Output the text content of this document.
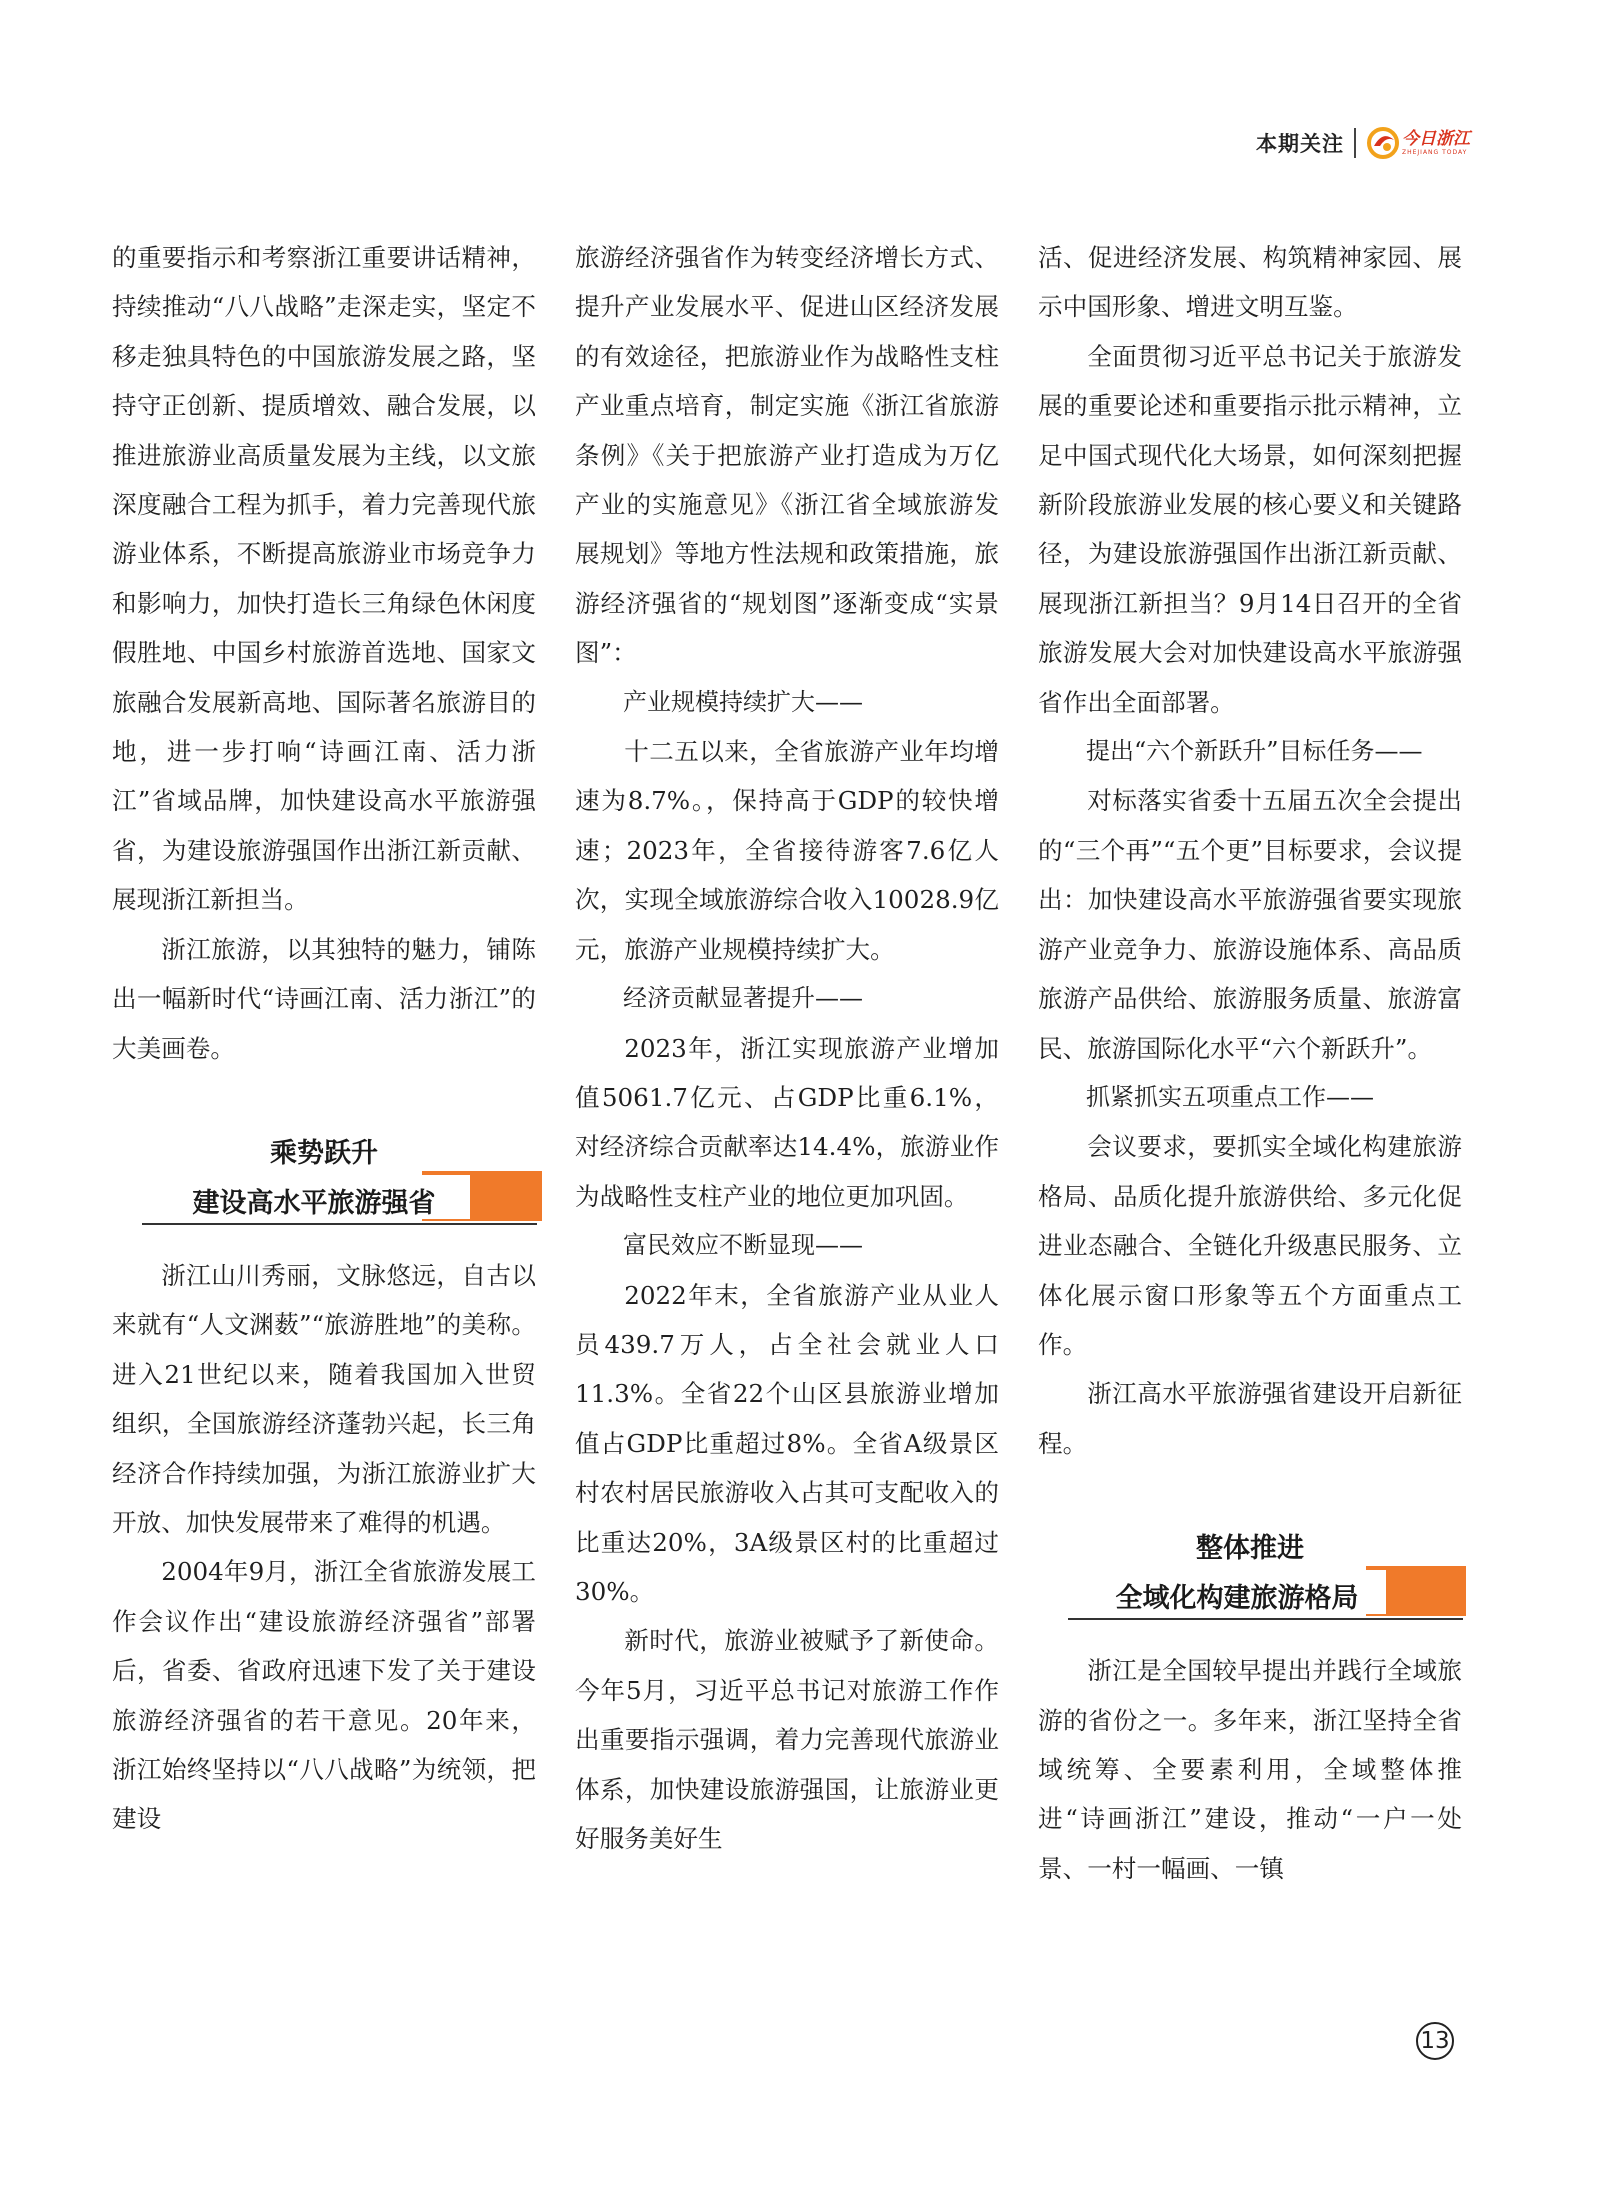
本期关注	今日浙江
ZHEJIANG TODAY

的重要指示和考察浙江重要讲话精神，持续推动“八八战略”走深走实，坚定不移走独具特色的中国旅游发展之路，坚持守正创新、提质增效、融合发展，以推进旅游业高质量发展为主线，以文旅深度融合工程为抓手，着力完善现代旅游业体系，不断提高旅游业市场竞争力和影响力，加快打造长三角绿色休闲度假胜地、中国乡村旅游首选地、国家文旅融合发展新高地、国际著名旅游目的地，进一步打响“诗画江南、活力浙江”省域品牌，加快建设高水平旅游强省，为建设旅游强国作出浙江新贡献、展现浙江新担当。

浙江旅游，以其独特的魅力，铺陈出一幅新时代“诗画江南、活力浙江”的大美画卷。

乘势跃升
建设高水平旅游强省

浙江山川秀丽，文脉悠远，自古以来就有“人文渊薮”“旅游胜地”的美称。进入21世纪以来，随着我国加入世贸组织，全国旅游经济蓬勃兴起，长三角经济合作持续加强，为浙江旅游业扩大开放、加快发展带来了难得的机遇。

2004年9月，浙江全省旅游发展工作会议作出“建设旅游经济强省”部署后，省委、省政府迅速下发了关于建设旅游经济强省的若干意见。20年来，浙江始终坚持以“八八战略”为统领，把建设

旅游经济强省作为转变经济增长方式、提升产业发展水平、促进山区经济发展的有效途径，把旅游业作为战略性支柱产业重点培育，制定实施《浙江省旅游条例》《关于把旅游产业打造成为万亿产业的实施意见》《浙江省全域旅游发展规划》等地方性法规和政策措施，旅游经济强省的“规划图”逐渐变成“实景图”：

产业规模持续扩大——

十二五以来，全省旅游产业年均增速为8.7%。，保持高于GDP的较快增速；2023年，全省接待游客7.6亿人次，实现全域旅游综合收入10028.9亿元，旅游产业规模持续扩大。

经济贡献显著提升——

2023年，浙江实现旅游产业增加值5061.7亿元、占GDP比重6.1%，对经济综合贡献率达14.4%，旅游业作为战略性支柱产业的地位更加巩固。

富民效应不断显现——

2022年末，全省旅游产业从业人员439.7万人，占全社会就业人口11.3%。全省22个山区县旅游业增加值占GDP比重超过8%。全省A级景区村农村居民旅游收入占其可支配收入的比重达20%，3A级景区村的比重超过30%。

新时代，旅游业被赋予了新使命。今年5月，习近平总书记对旅游工作作出重要指示强调，着力完善现代旅游业体系，加快建设旅游强国，让旅游业更好服务美好生

活、促进经济发展、构筑精神家园、展示中国形象、增进文明互鉴。

全面贯彻习近平总书记关于旅游发展的重要论述和重要指示批示精神，立足中国式现代化大场景，如何深刻把握新阶段旅游业发展的核心要义和关键路径，为建设旅游强国作出浙江新贡献、展现浙江新担当？9月14日召开的全省旅游发展大会对加快建设高水平旅游强省作出全面部署。

提出“六个新跃升”目标任务——

对标落实省委十五届五次全会提出的“三个再”“五个更”目标要求，会议提出：加快建设高水平旅游强省要实现旅游产业竞争力、旅游设施体系、高品质旅游产品供给、旅游服务质量、旅游富民、旅游国际化水平“六个新跃升”。

抓紧抓实五项重点工作——

会议要求，要抓实全域化构建旅游格局、品质化提升旅游供给、多元化促进业态融合、全链化升级惠民服务、立体化展示窗口形象等五个方面重点工作。

浙江高水平旅游强省建设开启新征程。

整体推进
全域化构建旅游格局

浙江是全国较早提出并践行全域旅游的省份之一。多年来，浙江坚持全省域统筹、全要素利用，全域整体推进“诗画浙江”建设，推动“一户一处景、一村一幅画、一镇

13
